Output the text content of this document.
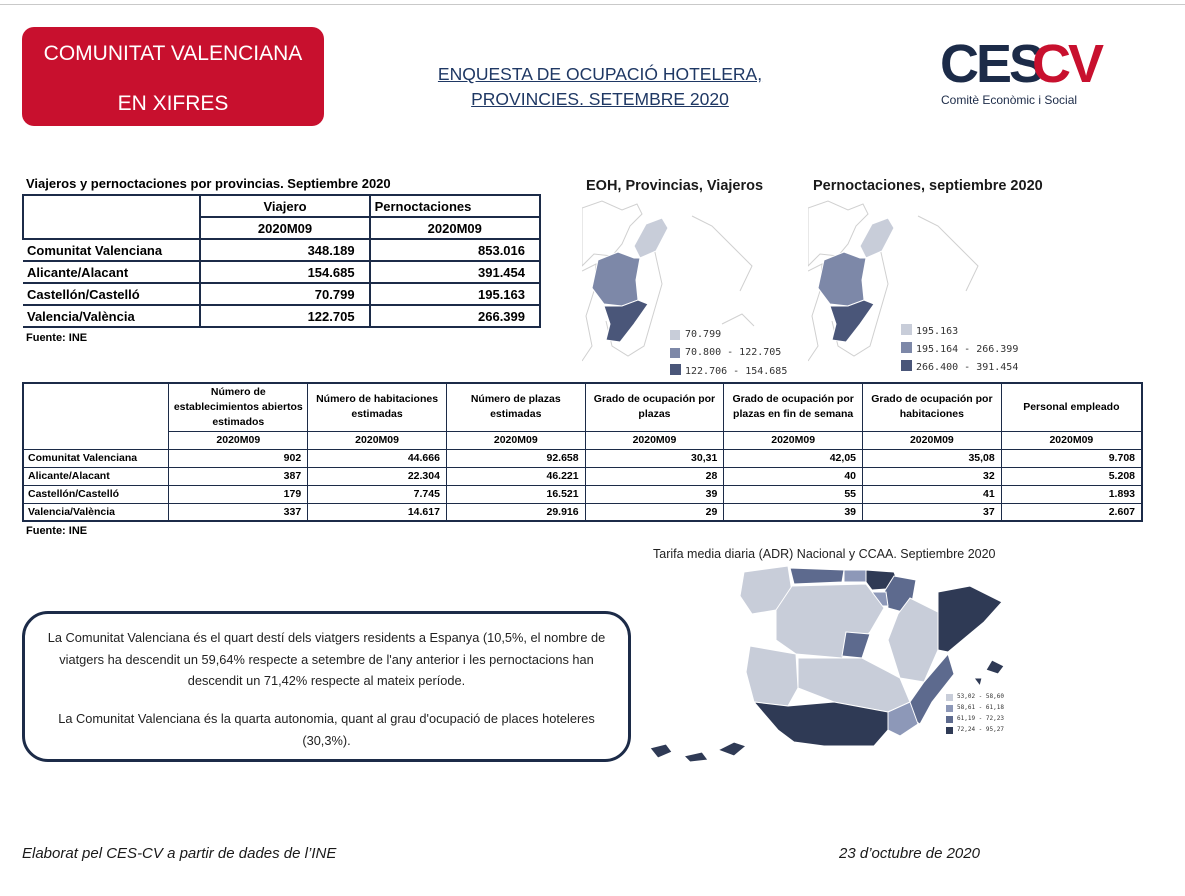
COMUNITAT VALENCIANA
EN XIFRES
ENQUESTA DE OCUPACIÓ HOTELERA,
PROVINCIES. SETEMBRE 2020
CES
CV
Comitè Econòmic i Social
Viajeros y pernoctaciones por provincias. Septiembre 2020
	Viajero	Pernoctaciones
	2020M09	2020M09
Comunitat Valenciana	348.189	853.016
Alicante/Alacant	154.685	391.454
Castellón/Castelló	70.799	195.163
Valencia/València	122.705	266.399
Fuente: INE
EOH, Provincias, Viajeros
70.799
70.800 - 122.705
122.706 - 154.685
Pernoctaciones, septiembre 2020
195.163
195.164 - 266.399
266.400 - 391.454
	Número de establecimientos abiertos estimados	Número de habitaciones estimadas	Número de plazas estimadas	Grado de ocupación por plazas	Grado de ocupación por plazas en fin de semana	Grado de ocupación por habitaciones	Personal empleado
	2020M09	2020M09	2020M09	2020M09	2020M09	2020M09	2020M09
Comunitat Valenciana	902	44.666	92.658	30,31	42,05	35,08	9.708
Alicante/Alacant	387	22.304	46.221	28	40	32	5.208
Castellón/Castelló	179	7.745	16.521	39	55	41	1.893
Valencia/València	337	14.617	29.916	29	39	37	2.607
Fuente: INE
Tarifa media diaria (ADR) Nacional y CCAA. Septiembre 2020
53,02 - 58,60
58,61 - 61,18
61,19 - 72,23
72,24 - 95,27

La Comunitat Valenciana és el quart destí dels viatgers residents a Espanya (10,5%, el nombre de viatgers ha descendit un 59,64% respecte a setembre de l'any anterior i les pernoctacions han descendit un 71,42% respecte al mateix període.

La Comunitat Valenciana és la quarta autonomia, quant al grau d'ocupació de places hoteleres (30,3%).

Elaborat pel CES-CV a partir de dades de l’INE	23 d’octubre de 2020
